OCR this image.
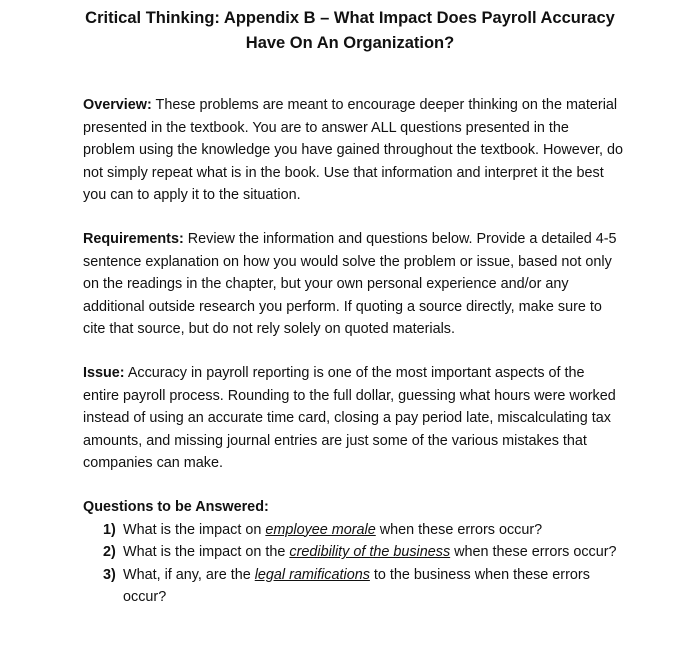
Critical Thinking: Appendix B – What Impact Does Payroll Accuracy
Have On An Organization?
Overview: These problems are meant to encourage deeper thinking on the material presented in the textbook. You are to answer ALL questions presented in the problem using the knowledge you have gained throughout the textbook. However, do not simply repeat what is in the book. Use that information and interpret it the best you can to apply it to the situation.
Requirements: Review the information and questions below. Provide a detailed 4-5 sentence explanation on how you would solve the problem or issue, based not only on the readings in the chapter, but your own personal experience and/or any additional outside research you perform. If quoting a source directly, make sure to cite that source, but do not rely solely on quoted materials.
Issue: Accuracy in payroll reporting is one of the most important aspects of the entire payroll process. Rounding to the full dollar, guessing what hours were worked instead of using an accurate time card, closing a pay period late, miscalculating tax amounts, and missing journal entries are just some of the various mistakes that companies can make.
Questions to be Answered:
1) What is the impact on employee morale when these errors occur?
2) What is the impact on the credibility of the business when these errors occur?
3) What, if any, are the legal ramifications to the business when these errors occur?
